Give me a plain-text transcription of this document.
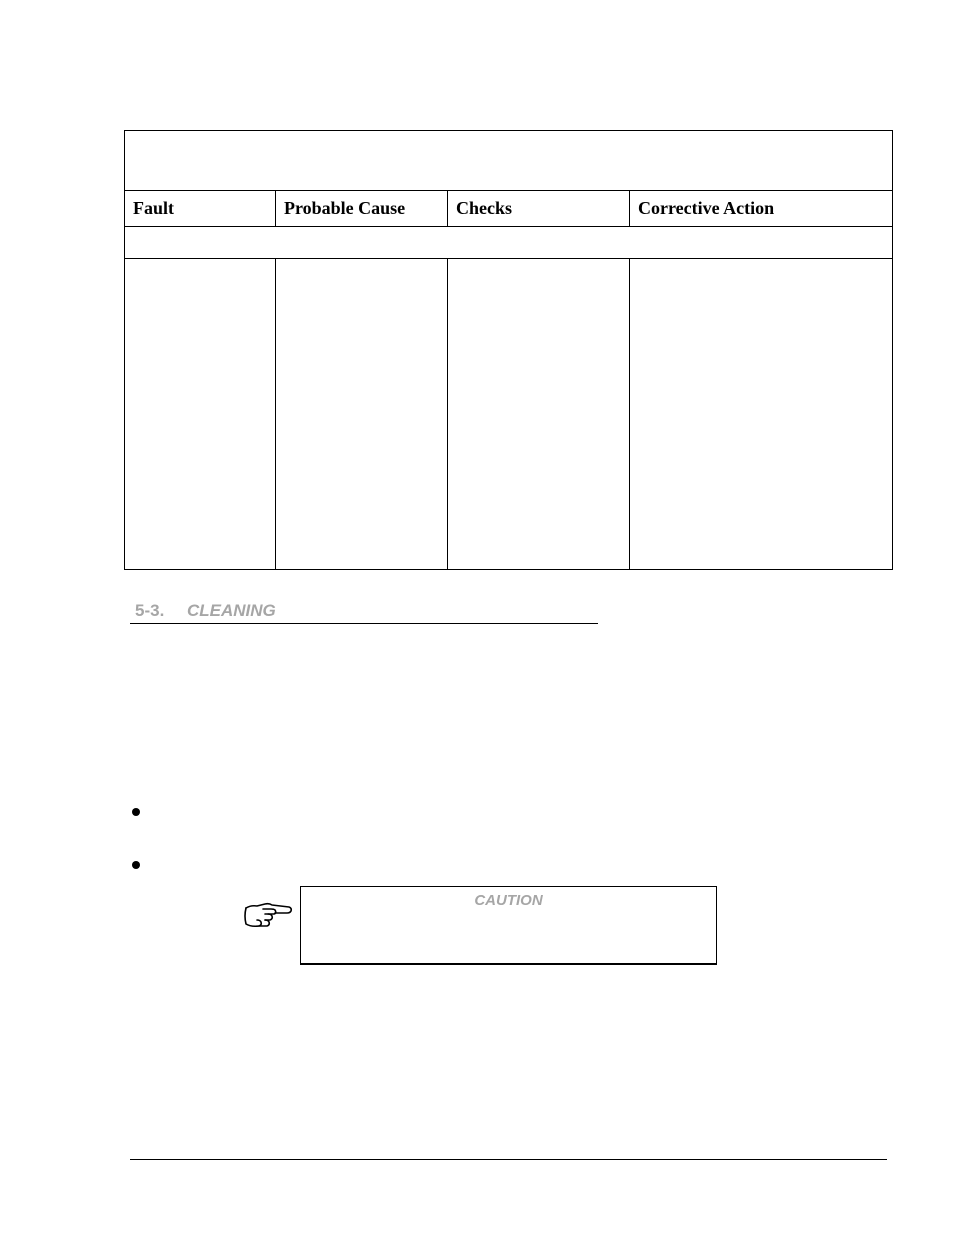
Fault	Probable Cause	Checks	Corrective Action

5-3. CLEANING
CAUTION
